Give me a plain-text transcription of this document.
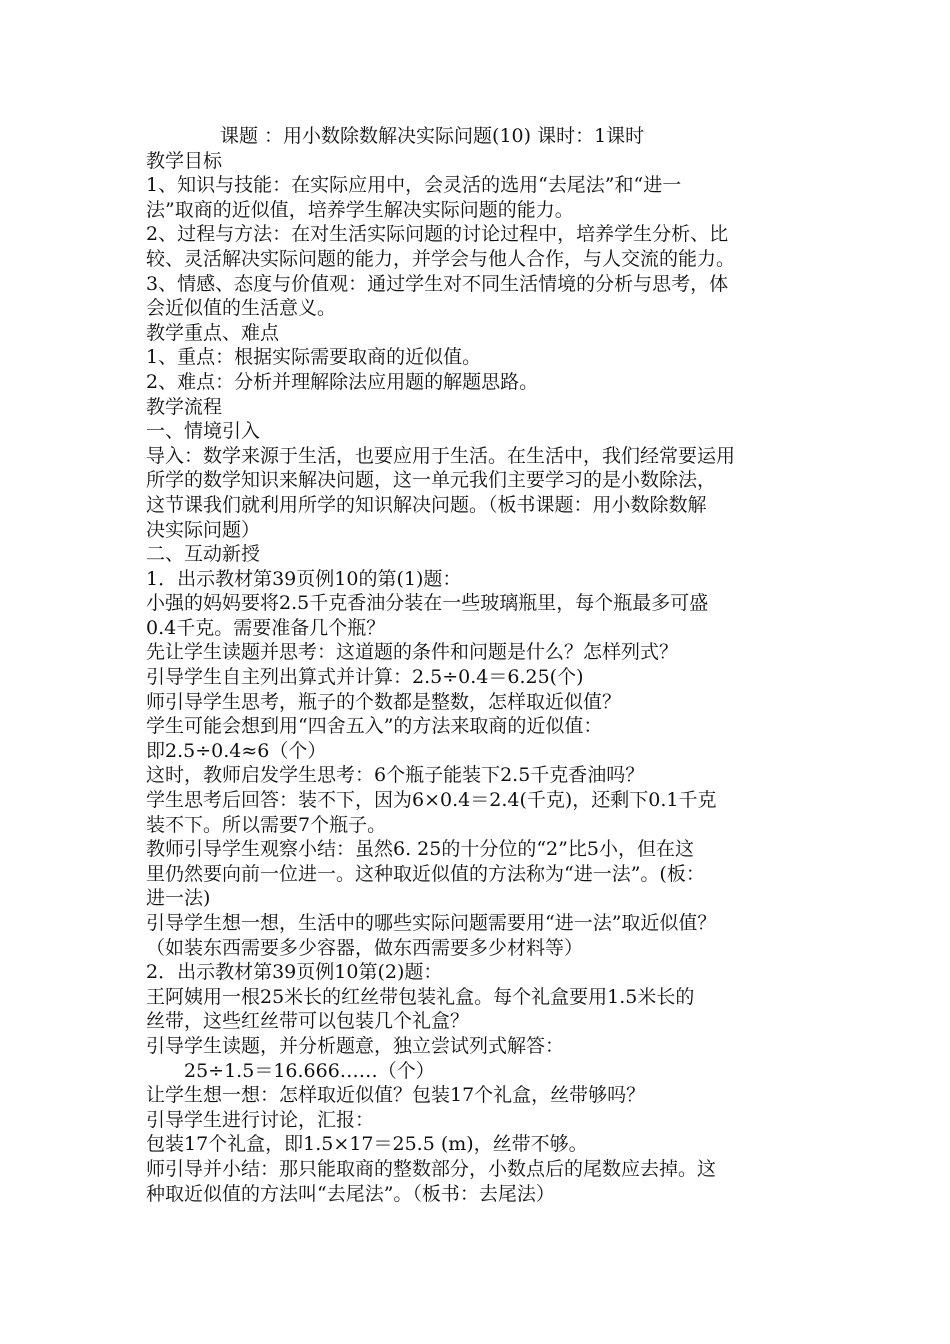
课题 ：用小数除数解决实际问题(10) 课时：1课时
教学目标
1、知识与技能：在实际应用中，会灵活的选用“去尾法”和“进一
法”取商的近似值，培养学生解决实际问题的能力。
2、过程与方法：在对生活实际问题的讨论过程中，培养学生分析、比
较、灵活解决实际问题的能力，并学会与他人合作，与人交流的能力。
3、情感、态度与价值观：通过学生对不同生活情境的分析与思考，体
会近似值的生活意义。
教学重点、难点
1、重点：根据实际需要取商的近似值。
2、难点：分析并理解除法应用题的解题思路。
教学流程
一、情境引入
导入：数学来源于生活，也要应用于生活。在生活中，我们经常要运用
所学的数学知识来解决问题，这一单元我们主要学习的是小数除法，
这节课我们就利用所学的知识解决问题。（板书课题：用小数除数解
决实际问题）
二、互动新授
1．出示教材第39页例10的第(1)题：
小强的妈妈要将2.5千克香油分装在一些玻璃瓶里，每个瓶最多可盛
0.4千克。需要准备几个瓶？
先让学生读题并思考：这道题的条件和问题是什么？怎样列式？
引导学生自主列出算式并计算：2.5÷0.4＝6.25(个)
师引导学生思考，瓶子的个数都是整数，怎样取近似值？
学生可能会想到用“四舍五入”的方法来取商的近似值：
即2.5÷0.4≈6（个）
这时，教师启发学生思考：6个瓶子能装下2.5千克香油吗？
学生思考后回答：装不下，因为6×0.4＝2.4(千克)，还剩下0.1千克
装不下。所以需要7个瓶子。
教师引导学生观察小结：虽然6. 25的十分位的“2”比5小，但在这
里仍然要向前一位进一。这种取近似值的方法称为“进一法”。(板：
进一法)
引导学生想一想，生活中的哪些实际问题需要用“进一法”取近似值？
（如装东西需要多少容器，做东西需要多少材料等）
2．出示教材第39页例10第(2)题：
王阿姨用一根25米长的红丝带包装礼盒。每个礼盒要用1.5米长的
丝带，这些红丝带可以包装几个礼盒？
引导学生读题，并分析题意，独立尝试列式解答：
25÷1.5＝16.666……（个）
让学生想一想：怎样取近似值？包装17个礼盒，丝带够吗？
引导学生进行讨论，汇报：
包装17个礼盒，即1.5×17＝25.5 (m)，丝带不够。
师引导并小结：那只能取商的整数部分，小数点后的尾数应去掉。这
种取近似值的方法叫“去尾法”。（板书：去尾法）
